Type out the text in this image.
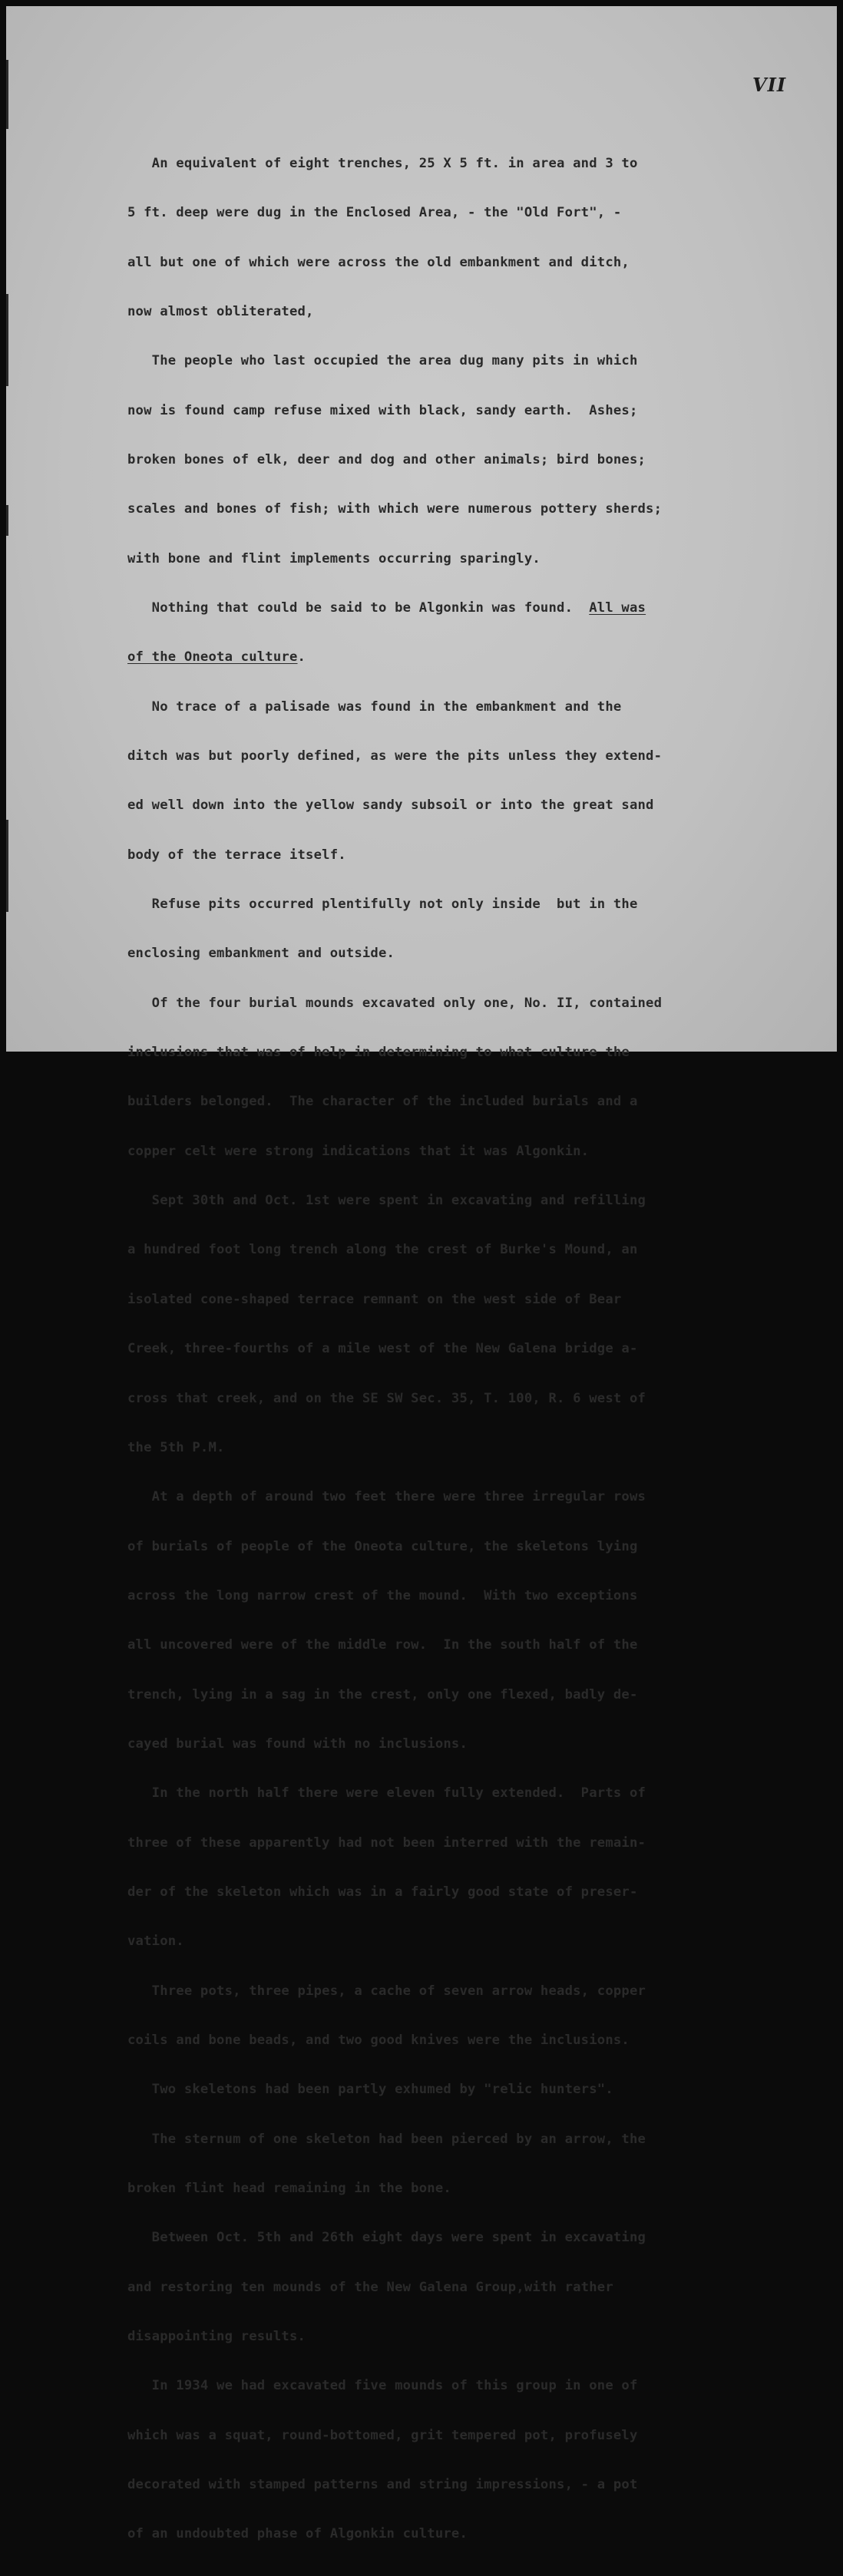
VII

An equivalent of eight trenches, 25 X 5 ft. in area and 3 to

5 ft. deep were dug in the Enclosed Area, - the "Old Fort", -

all but one of which were across the old embankment and ditch,

now almost obliterated,

The people who last occupied the area dug many pits in which

now is found camp refuse mixed with black, sandy earth.  Ashes;

broken bones of elk, deer and dog and other animals; bird bones;

scales and bones of fish; with which were numerous pottery sherds;

with bone and flint implements occurring sparingly.

Nothing that could be said to be Algonkin was found.  All was

of the Oneota culture.

No trace of a palisade was found in the embankment and the

ditch was but poorly defined, as were the pits unless they extend-

ed well down into the yellow sandy subsoil or into the great sand

body of the terrace itself.

Refuse pits occurred plentifully not only inside  but in the

enclosing embankment and outside.

Of the four burial mounds excavated only one, No. II, contained

inclusions that was of help in determining to what culture the

builders belonged.  The character of the included burials and a

copper celt were strong indications that it was Algonkin.

Sept 30th and Oct. 1st were spent in excavating and refilling

a hundred foot long trench along the crest of Burke's Mound, an

isolated cone-shaped terrace remnant on the west side of Bear

Creek, three-fourths of a mile west of the New Galena bridge a-

cross that creek, and on the SE SW Sec. 35, T. 100, R. 6 west of

the 5th P.M.

At a depth of around two feet there were three irregular rows

of burials of people of the Oneota culture, the skeletons lying

across the long narrow crest of the mound.  With two exceptions

all uncovered were of the middle row.  In the south half of the

trench, lying in a sag in the crest, only one flexed, badly de-

cayed burial was found with no inclusions.

In the north half there were eleven fully extended.  Parts of

three of these apparently had not been interred with the remain-

der of the skeleton which was in a fairly good state of preser-

vation.

Three pots, three pipes, a cache of seven arrow heads, copper

coils and bone beads, and two good knives were the inclusions.

Two skeletons had been partly exhumed by "relic hunters".

The sternum of one skeleton had been pierced by an arrow, the

broken flint head remaining in the bone.

Between Oct. 5th and 26th eight days were spent in excavating

and restoring ten mounds of the New Galena Group,with rather

disappointing results.

In 1934 we had excavated five mounds of this group in one of

which was a squat, round-bottomed, grit tempered pot, profusely

decorated with stamped patterns and string impressions, - a pot

of an undoubted phase of Algonkin culture.
